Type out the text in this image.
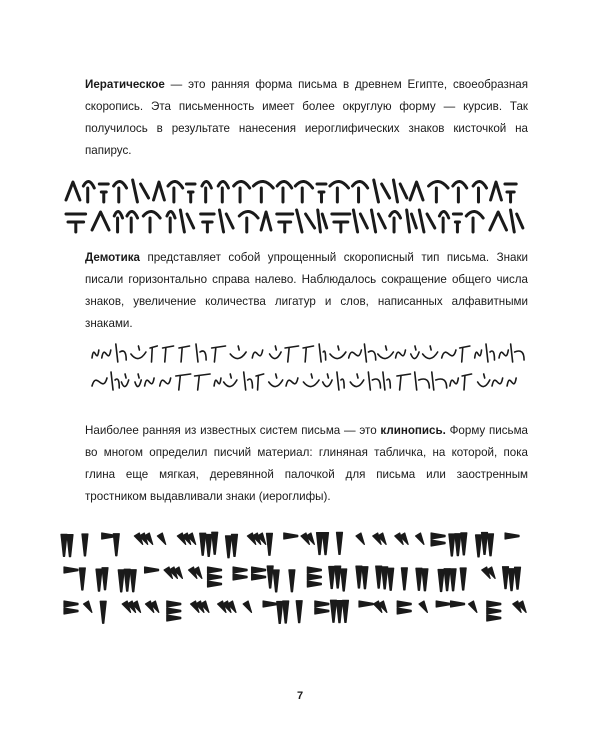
Иератическое — это ранняя форма письма в древнем Египте, своеобразная скоропись. Эта письменность имеет более округлую форму — курсив. Так получилось в результате нанесения иероглифических знаков кисточкой на папирус.

Демотика представляет собой упрощенный скорописный тип письма. Знаки писали горизонтально справа налево. Наблюдалось сокращение общего числа знаков, увеличение количества лигатур и слов, написанных алфавитными знаками.

Наиболее ранняя из известных систем письма — это клинопись. Форму письма во многом определил писчий материал: глиняная табличка, на которой, пока глина еще мягкая, деревянной палочкой для письма или заостренным тростником выдавливали знаки (иероглифы).

7
